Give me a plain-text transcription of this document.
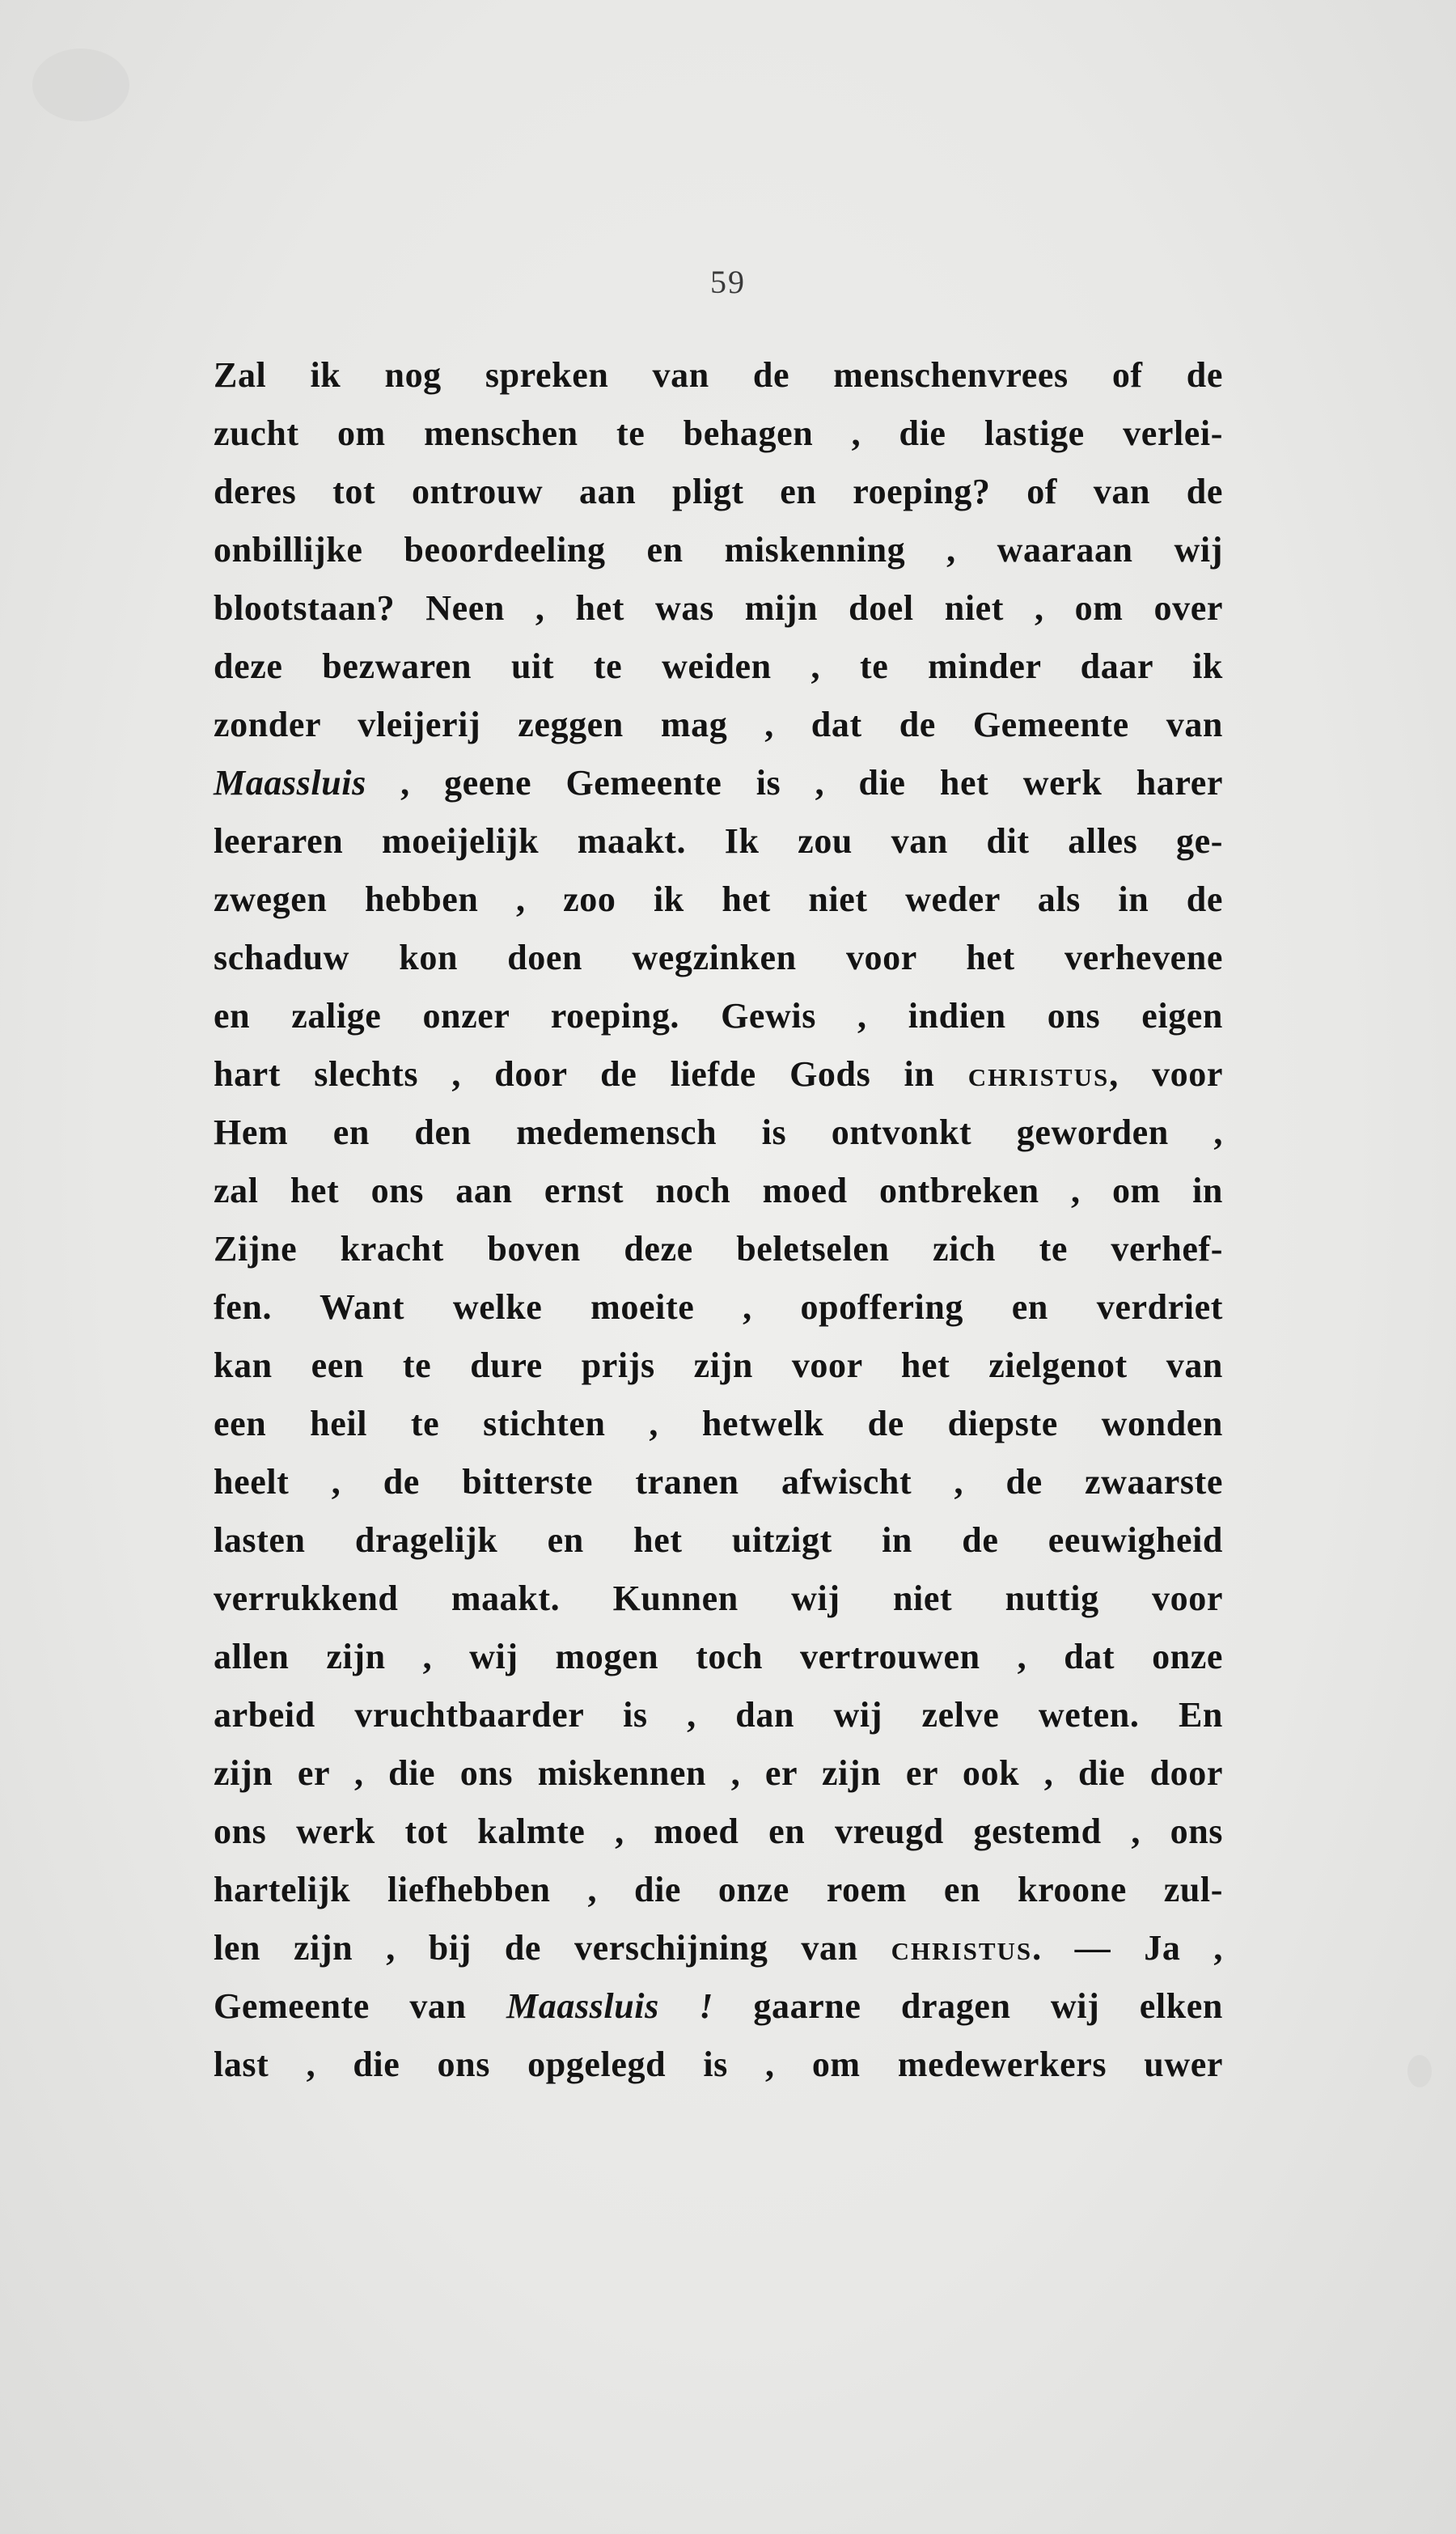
59
Zal ik nog spreken van de menschenvrees of de
zucht om menschen te behagen , die lastige verlei-
deres tot ontrouw aan pligt en roeping? of van de
onbillijke beoordeeling en miskenning , waaraan wij
blootstaan? Neen , het was mijn doel niet , om over
deze bezwaren uit te weiden , te minder daar ik
zonder vleijerij zeggen mag , dat de Gemeente van
Maassluis , geene Gemeente is , die het werk harer
leeraren moeijelijk maakt. Ik zou van dit alles ge-
zwegen hebben , zoo ik het niet weder als in de
schaduw kon doen wegzinken voor het verhevene
en zalige onzer roeping. Gewis , indien ons eigen
hart slechts , door de liefde Gods in christus, voor
Hem en den medemensch is ontvonkt geworden ,
zal het ons aan ernst noch moed ontbreken , om in
Zijne kracht boven deze beletselen zich te verhef-
fen. Want welke moeite , opoffering en verdriet
kan een te dure prijs zijn voor het zielgenot van
een heil te stichten , hetwelk de diepste wonden
heelt , de bitterste tranen afwischt , de zwaarste
lasten dragelijk en het uitzigt in de eeuwigheid
verrukkend maakt. Kunnen wij niet nuttig voor
allen zijn , wij mogen toch vertrouwen , dat onze
arbeid vruchtbaarder is , dan wij zelve weten. En
zijn er , die ons miskennen , er zijn er ook , die door
ons werk tot kalmte , moed en vreugd gestemd , ons
hartelijk liefhebben , die onze roem en kroone zul-
len zijn , bij de verschijning van christus. — Ja ,
Gemeente van Maassluis ! gaarne dragen wij elken
last , die ons opgelegd is , om medewerkers uwer
